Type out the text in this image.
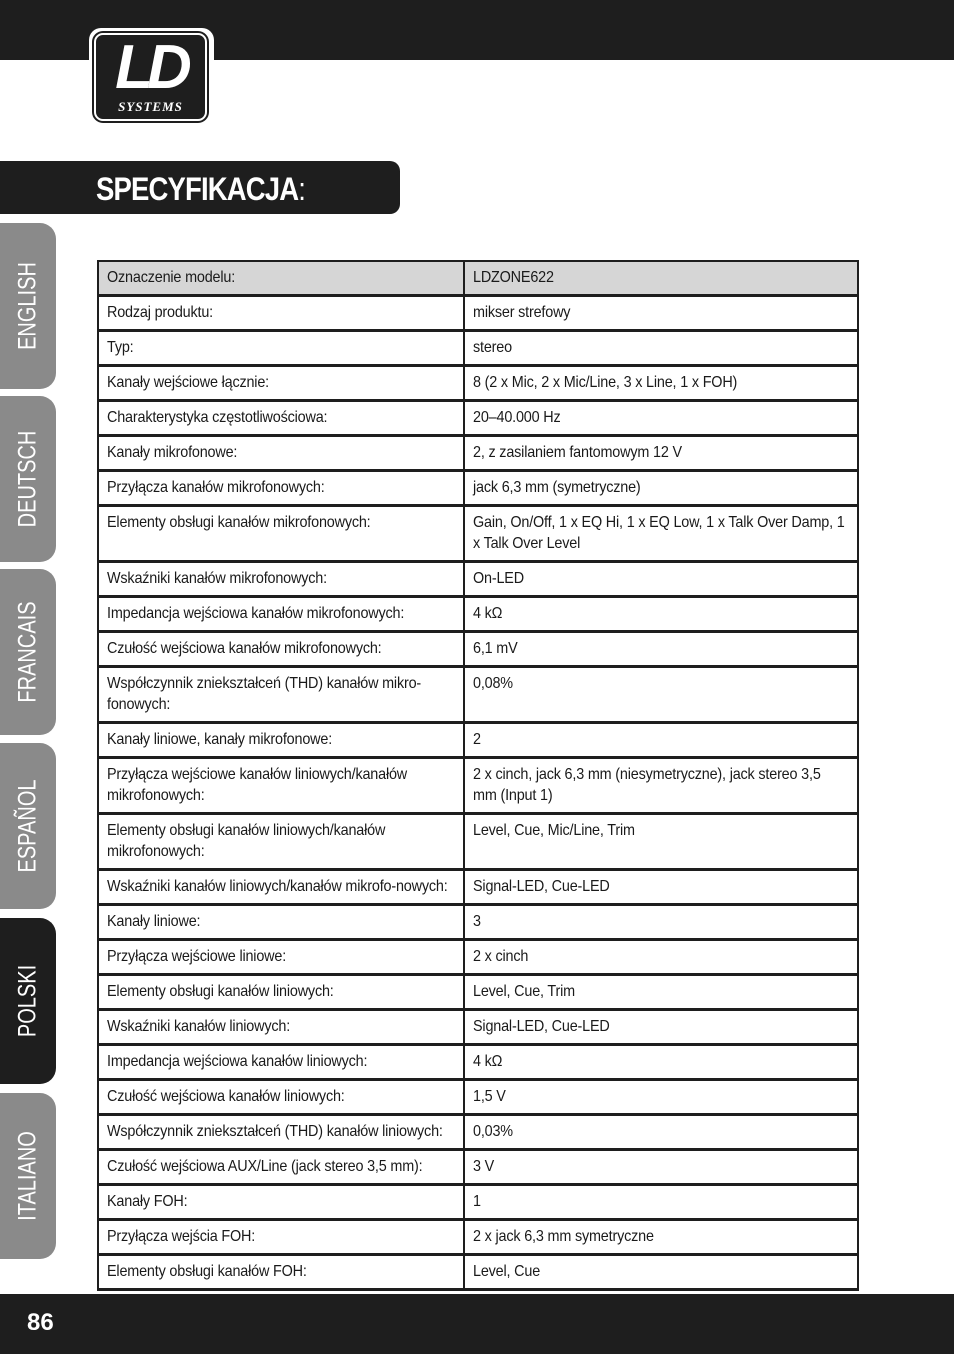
LD
SYSTEMS
SPECYFIKACJA:
ENGLISH
DEUTSCH
FRANCAIS
ESPAÑOL
POLSKI
ITALIANO
Oznaczenie modelu:	LDZONE622
Rodzaj produktu:	mikser strefowy
Typ:	stereo
Kanały wejściowe łącznie:	8 (2 x Mic, 2 x Mic/Line, 3 x Line, 1 x FOH)
Charakterystyka częstotliwościowa:	20–40.000 Hz
Kanały mikrofonowe:	2, z zasilaniem fantomowym 12 V
Przyłącza kanałów mikrofonowych:	jack 6,3 mm (symetryczne)
Elementy obsługi kanałów mikrofonowych:	Gain, On/Off, 1 x EQ Hi, 1 x EQ Low, 1 x Talk Over Damp, 1 x Talk Over Level
Wskaźniki kanałów mikrofonowych:	On-LED
Impedancja wejściowa kanałów mikrofonowych:	4 kΩ
Czułość wejściowa kanałów mikrofonowych:	6,1 mV
Współczynnik zniekształceń (THD) kanałów mikro-fonowych:	0,08%
Kanały liniowe, kanały mikrofonowe:	2
Przyłącza wejściowe kanałów liniowych/kanałów mikrofonowych:	2 x cinch, jack 6,3 mm (niesymetryczne), jack stereo 3,5 mm (Input 1)
Elementy obsługi kanałów liniowych/kanałów mikrofonowych:	Level, Cue, Mic/Line, Trim
Wskaźniki kanałów liniowych/kanałów mikrofo-nowych:	Signal-LED, Cue-LED
Kanały liniowe:	3
Przyłącza wejściowe liniowe:	2 x cinch
Elementy obsługi kanałów liniowych:	Level, Cue, Trim
Wskaźniki kanałów liniowych:	Signal-LED, Cue-LED
Impedancja wejściowa kanałów liniowych:	4 kΩ
Czułość wejściowa kanałów liniowych:	1,5 V
Współczynnik zniekształceń (THD) kanałów liniowych:	0,03%
Czułość wejściowa AUX/Line (jack stereo 3,5 mm):	3 V
Kanały FOH:	1
Przyłącza wejścia FOH:	2 x jack 6,3 mm symetryczne
Elementy obsługi kanałów FOH:	Level, Cue
86
